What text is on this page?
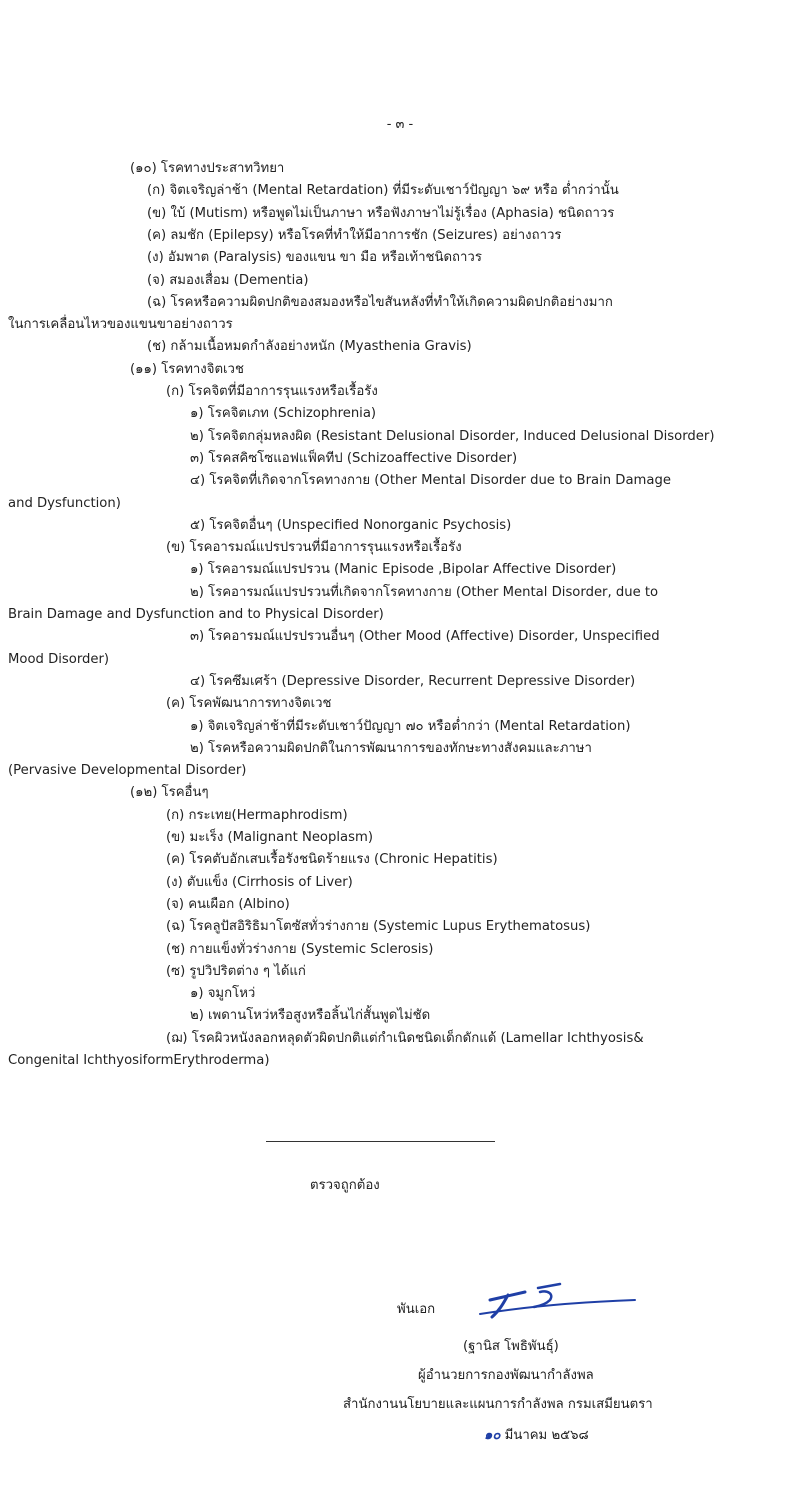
- ๓ -
(๑๐) โรคทางประสาทวิทยา
(ก) จิตเจริญล่าช้า (Mental Retardation) ที่มีระดับเชาว์ปัญญา ๖๙ หรือ ต่ำกว่านั้น
(ข) ใบ้ (Mutism) หรือพูดไม่เป็นภาษา หรือฟังภาษาไม่รู้เรื่อง (Aphasia) ชนิดถาวร
(ค) ลมชัก (Epilepsy) หรือโรคที่ทำให้มีอาการชัก (Seizures) อย่างถาวร
(ง) อัมพาต (Paralysis) ของแขน ขา มือ หรือเท้าชนิดถาวร
(จ) สมองเสื่อม (Dementia)
(ฉ) โรคหรือความผิดปกติของสมองหรือไขสันหลังที่ทำให้เกิดความผิดปกติอย่างมาก
ในการเคลื่อนไหวของแขนขาอย่างถาวร
(ช) กล้ามเนื้อหมดกำลังอย่างหนัก (Myasthenia Gravis)
(๑๑) โรคทางจิตเวช
(ก) โรคจิตที่มีอาการรุนแรงหรือเรื้อรัง
๑) โรคจิตเภท (Schizophrenia)
๒) โรคจิตกลุ่มหลงผิด (Resistant Delusional Disorder, Induced Delusional Disorder)
๓) โรคสคิซโซแอฟแฟ็คทีป (Schizoaffective Disorder)
๔) โรคจิตที่เกิดจากโรคทางกาย (Other Mental Disorder due to Brain Damage
and Dysfunction)
๕) โรคจิตอื่นๆ (Unspecified Nonorganic Psychosis)
(ข) โรคอารมณ์แปรปรวนที่มีอาการรุนแรงหรือเรื้อรัง
๑) โรคอารมณ์แปรปรวน (Manic Episode ,Bipolar Affective Disorder)
๒) โรคอารมณ์แปรปรวนที่เกิดจากโรคทางกาย (Other Mental Disorder, due to
Brain Damage and Dysfunction and to Physical Disorder)
๓) โรคอารมณ์แปรปรวนอื่นๆ (Other Mood (Affective) Disorder, Unspecified
Mood Disorder)
๔) โรคซึมเศร้า (Depressive Disorder, Recurrent Depressive Disorder)
(ค) โรคพัฒนาการทางจิตเวช
๑) จิตเจริญล่าช้าที่มีระดับเชาว์ปัญญา ๗๐ หรือต่ำกว่า (Mental Retardation)
๒) โรคหรือความผิดปกติในการพัฒนาการของทักษะทางสังคมและภาษา
(Pervasive Developmental Disorder)
(๑๒) โรคอื่นๆ
(ก) กระเทย(Hermaphrodism)
(ข) มะเร็ง (Malignant Neoplasm)
(ค) โรคตับอักเสบเรื้อรังชนิดร้ายแรง (Chronic Hepatitis)
(ง) ตับแข็ง (Cirrhosis of Liver)
(จ) คนเผือก (Albino)
(ฉ) โรคลูปัสอิริธิมาโตซัสทั่วร่างกาย (Systemic Lupus Erythematosus)
(ช) กายแข็งทั่วร่างกาย (Systemic Sclerosis)
(ซ) รูปวิปริตต่าง ๆ ได้แก่
๑) จมูกโหว่
๒) เพดานโหว่หรือสูงหรือลิ้นไก่สั้นพูดไม่ชัด
(ฌ) โรคผิวหนังลอกหลุดตัวผิดปกติแต่กำเนิดชนิดเด็กดักแด้ (Lamellar Ichthyosis&
Congenital IchthyosiformErythroderma)
ตรวจถูกต้อง
พันเอก
(ฐานิส โพธิพันธุ์)
ผู้อำนวยการกองพัฒนากำลังพล
สำนักงานนโยบายและแผนการกำลังพล กรมเสมียนตรา
๑๐ มีนาคม ๒๕๖๘
